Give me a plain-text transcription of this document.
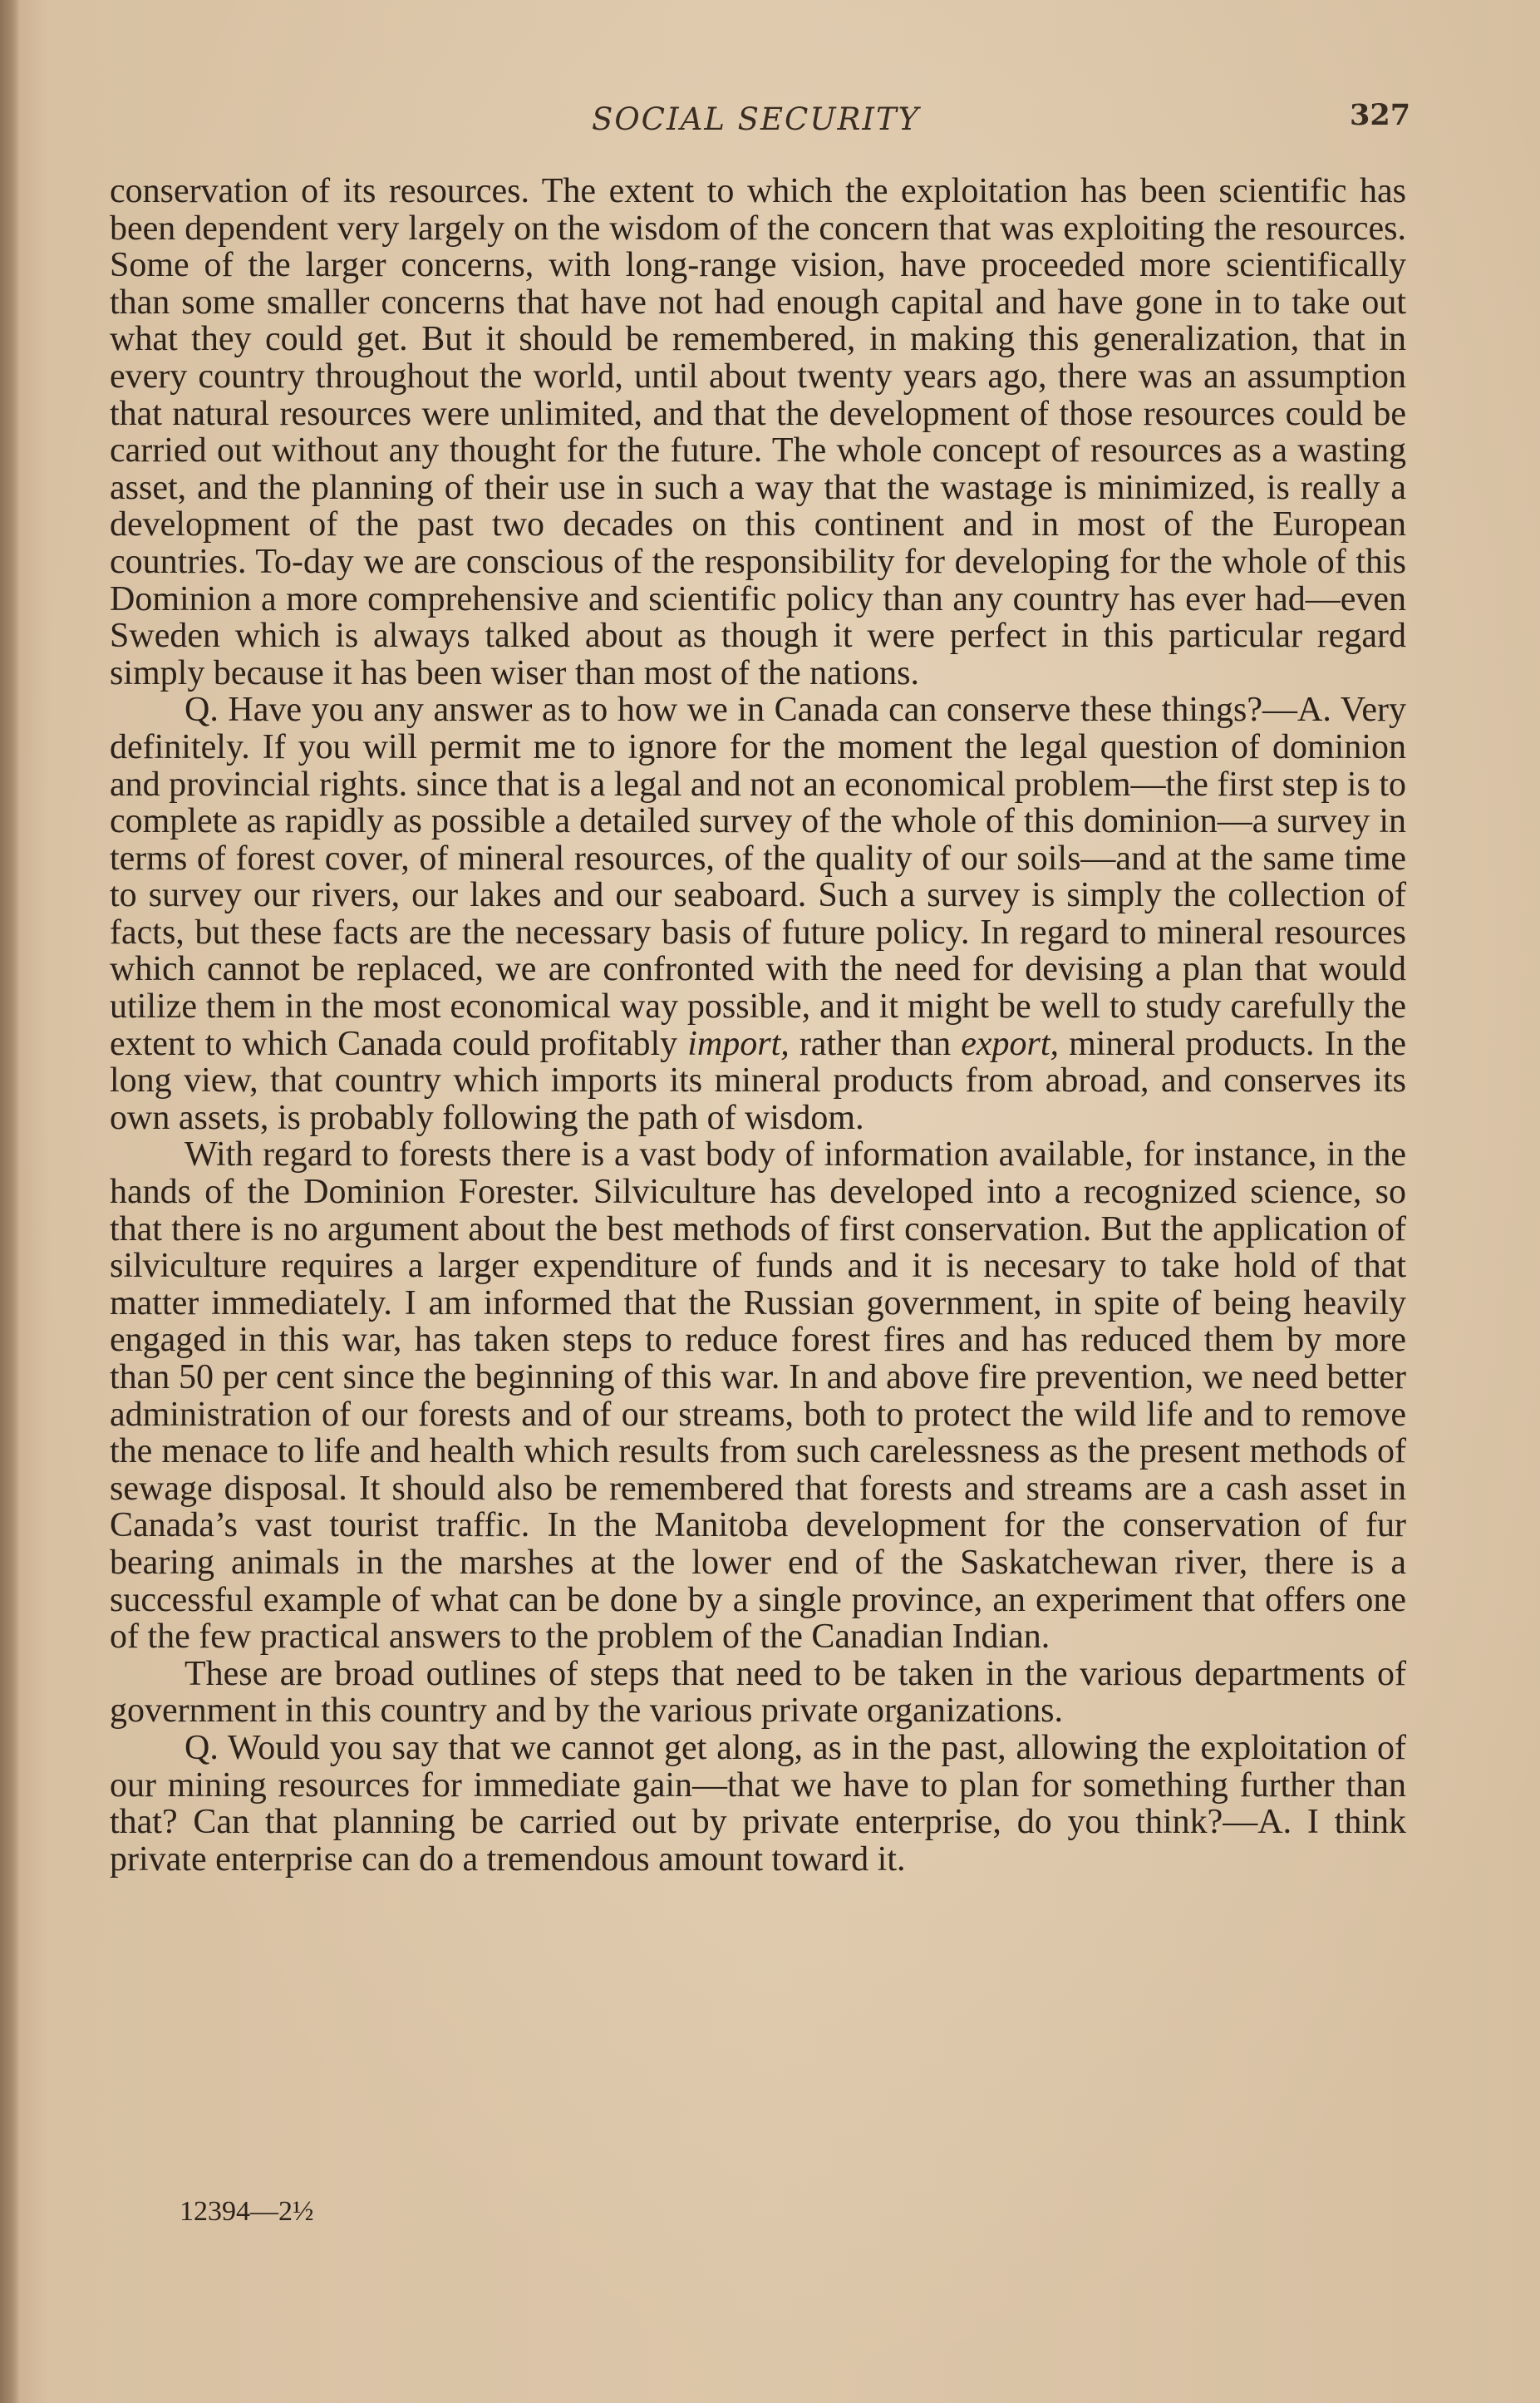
SOCIAL SECURITY	327

conservation of its resources. The extent to which the exploitation has been scientific has been dependent very largely on the wisdom of the concern that was exploiting the resources. Some of the larger concerns, with long-range vision, have proceeded more scientifically than some smaller concerns that have not had enough capital and have gone in to take out what they could get. But it should be remembered, in making this generalization, that in every country throughout the world, until about twenty years ago, there was an assumption that natural resources were unlimited, and that the development of those resources could be carried out without any thought for the future. The whole concept of resources as a wasting asset, and the planning of their use in such a way that the wastage is minimized, is really a development of the past two decades on this continent and in most of the European countries. To-day we are conscious of the responsibility for developing for the whole of this Dominion a more comprehensive and scientific policy than any country has ever had—even Sweden which is always talked about as though it were perfect in this particular regard simply because it has been wiser than most of the nations.

Q. Have you any answer as to how we in Canada can conserve these things?—A. Very definitely. If you will permit me to ignore for the moment the legal question of dominion and provincial rights. since that is a legal and not an economical problem—the first step is to complete as rapidly as possible a detailed survey of the whole of this dominion—a survey in terms of forest cover, of mineral resources, of the quality of our soils—and at the same time to survey our rivers, our lakes and our seaboard. Such a survey is simply the collection of facts, but these facts are the necessary basis of future policy. In regard to mineral resources which cannot be replaced, we are confronted with the need for devising a plan that would utilize them in the most economical way possible, and it might be well to study carefully the extent to which Canada could profitably import, rather than export, mineral products. In the long view, that country which imports its mineral products from abroad, and conserves its own assets, is probably following the path of wisdom.

With regard to forests there is a vast body of information available, for instance, in the hands of the Dominion Forester. Silviculture has developed into a recognized science, so that there is no argument about the best methods of first conservation. But the application of silviculture requires a larger expenditure of funds and it is necesary to take hold of that matter immediately. I am informed that the Russian government, in spite of being heavily engaged in this war, has taken steps to reduce forest fires and has reduced them by more than 50 per cent since the beginning of this war. In and above fire prevention, we need better administration of our forests and of our streams, both to protect the wild life and to remove the menace to life and health which results from such carelessness as the present methods of sewage disposal. It should also be remembered that forests and streams are a cash asset in Canada’s vast tourist traffic. In the Manitoba development for the conservation of fur bearing animals in the marshes at the lower end of the Saskatchewan river, there is a successful example of what can be done by a single province, an experiment that offers one of the few practical answers to the problem of the Canadian Indian.

These are broad outlines of steps that need to be taken in the various departments of government in this country and by the various private organizations.

Q. Would you say that we cannot get along, as in the past, allowing the exploitation of our mining resources for immediate gain—that we have to plan for something further than that? Can that planning be carried out by private enterprise, do you think?—A. I think private enterprise can do a tremendous amount toward it.

12394—2½
